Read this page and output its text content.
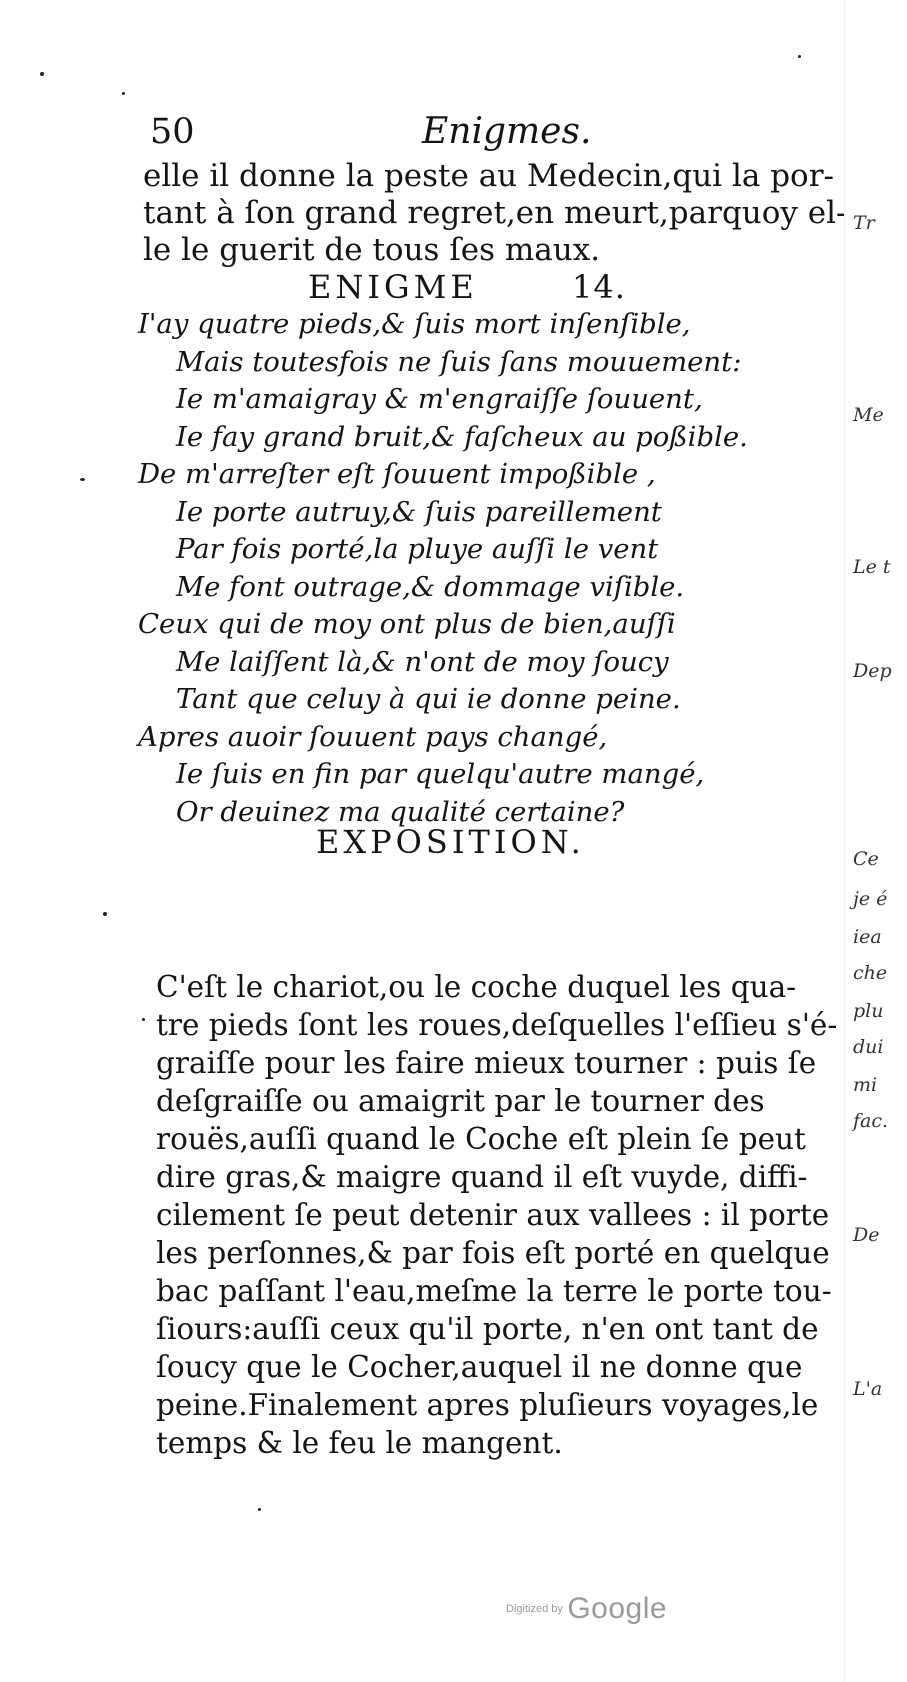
50	Enigmes.
elle il donne la peste au Medecin,qui la por-
tant à ſon grand regret,en meurt,parquoy el-
le le guerit de tous ſes maux.
ENIGME	14.
I'ay quatre pieds,& ſuis mort inſenſible,
Mais toutesfois ne ſuis ſans mouuement:
Ie m'amaigray & m'engraiſſe ſouuent,
Ie fay grand bruit,& faſcheux au poßible.
De m'arreſter eſt ſouuent impoßible ,
Ie porte autruy,& ſuis pareillement
Par fois porté,la pluye auſſi le vent
Me font outrage,& dommage viſible.
Ceux qui de moy ont plus de bien,auſſi
Me laiſſent là,& n'ont de moy ſoucy
Tant que celuy à qui ie donne peine.
Apres auoir ſouuent pays changé,
Ie ſuis en fin par quelqu'autre mangé,
Or deuinez ma qualité certaine?
EXPOSITION.
C'eſt le chariot,ou le coche duquel les qua-
tre pieds ſont les roues,deſquelles l'eſſieu s'é-
graiſſe pour les faire mieux tourner : puis ſe
deſgraiſſe ou amaigrit par le tourner des
rouës,auſſi quand le Coche eſt plein ſe peut
dire gras,& maigre quand il eſt vuyde, diffi-
cilement ſe peut detenir aux vallees : il porte
les perſonnes,& par fois eſt porté en quelque
bac paſſant l'eau,meſme la terre le porte tou-
ſiours:auſſi ceux qu'il porte, n'en ont tant de
ſoucy que le Cocher,auquel il ne donne que
peine.Finalement apres pluſieurs voyages,le
temps & le feu le mangent.
Tr
Me
Le t
Dep
Ce
je é
iea
che
plu
dui
mi
fac.
De
L'a
Digitized by Google
